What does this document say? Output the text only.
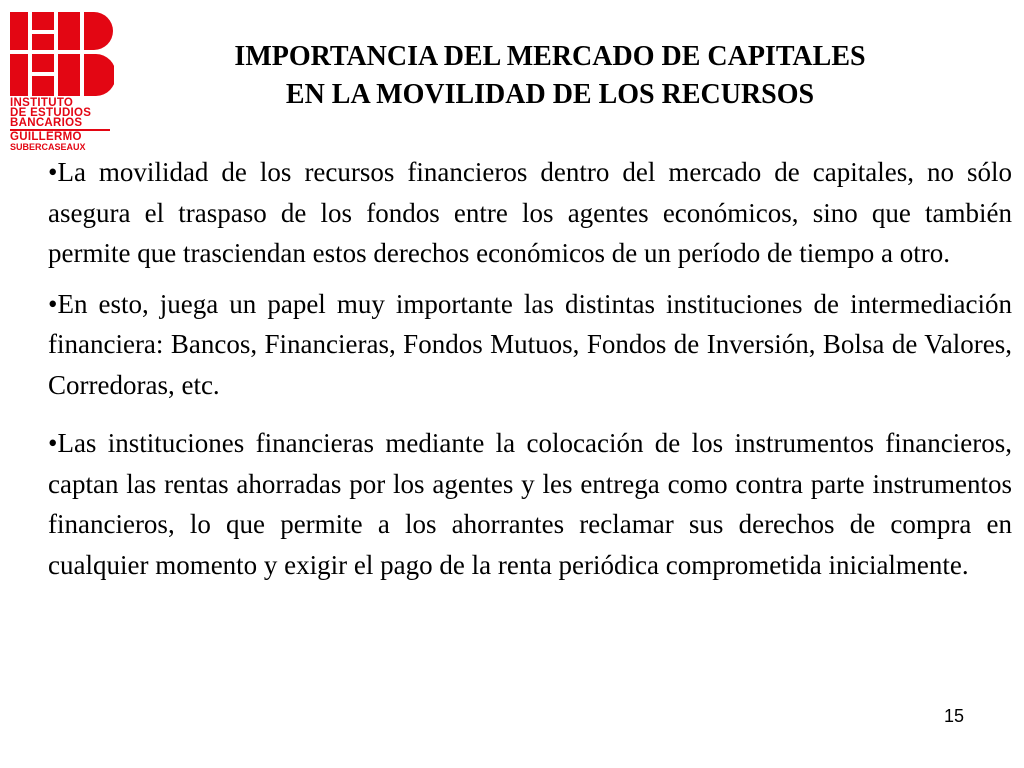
INSTITUTO
DE ESTUDIOS
BANCARIOS
GUILLERMO
SUBERCASEAUX
IMPORTANCIA DEL MERCADO DE CAPITALES
EN LA MOVILIDAD DE LOS RECURSOS

•La movilidad de los recursos financieros dentro del mercado de capitales, no sólo asegura el traspaso de los fondos entre los agentes económicos, sino que también permite que trasciendan estos derechos económicos de un período de tiempo a otro.

•En esto, juega un papel muy importante las distintas instituciones de intermediación financiera: Bancos, Financieras, Fondos Mutuos, Fondos de Inversión, Bolsa de Valores, Corredoras, etc.

•Las instituciones financieras mediante la colocación de los instrumentos financieros, captan las rentas ahorradas por los agentes y les entrega como contra parte instrumentos financieros, lo que permite a los ahorrantes reclamar sus derechos de compra en cualquier momento y exigir el pago de la renta periódica comprometida inicialmente.

15
